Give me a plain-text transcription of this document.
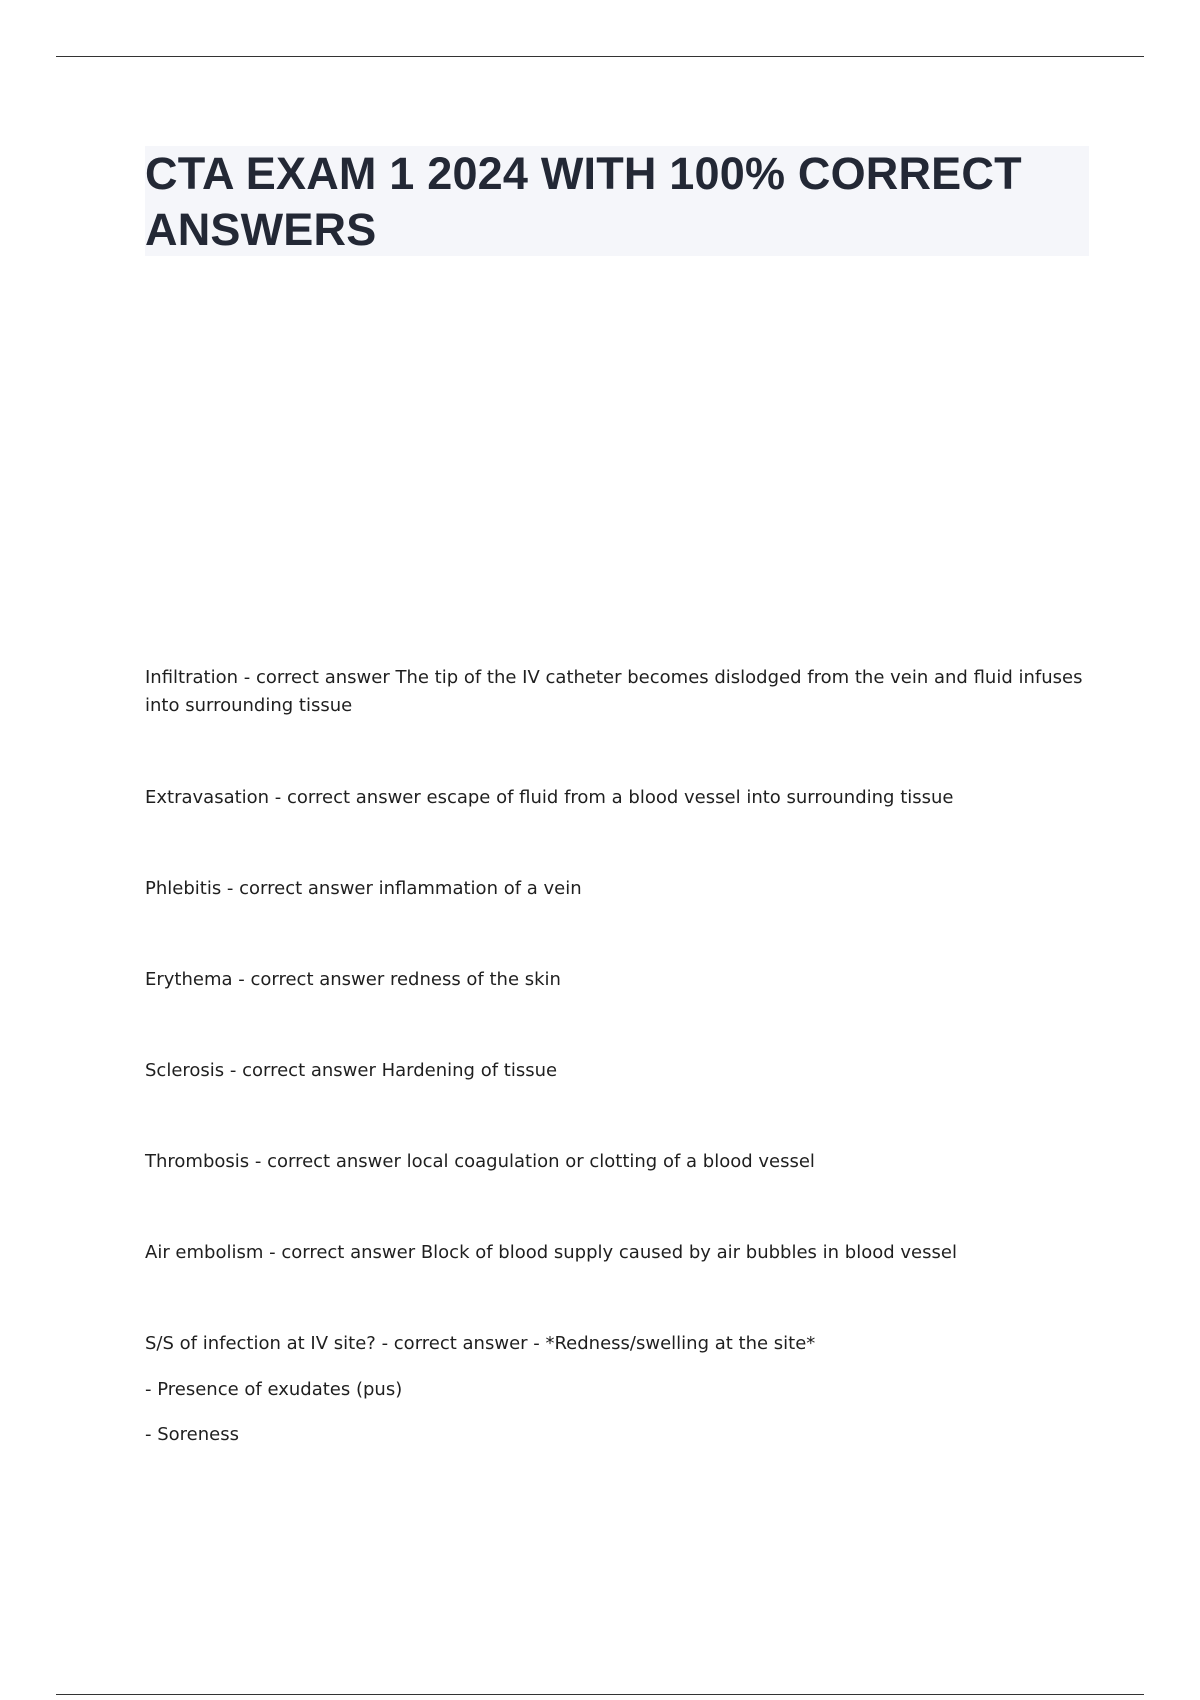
CTA EXAM 1 2024 WITH 100% CORRECT ANSWERS

Infiltration - correct answer The tip of the IV catheter becomes dislodged from the vein and fluid infuses into surrounding tissue

Extravasation - correct answer escape of fluid from a blood vessel into surrounding tissue

Phlebitis - correct answer inflammation of a vein

Erythema - correct answer redness of the skin

Sclerosis - correct answer Hardening of tissue

Thrombosis - correct answer local coagulation or clotting of a blood vessel

Air embolism - correct answer Block of blood supply caused by air bubbles in blood vessel

S/S of infection at IV site? - correct answer - *Redness/swelling at the site*

- Presence of exudates (pus)

- Soreness
